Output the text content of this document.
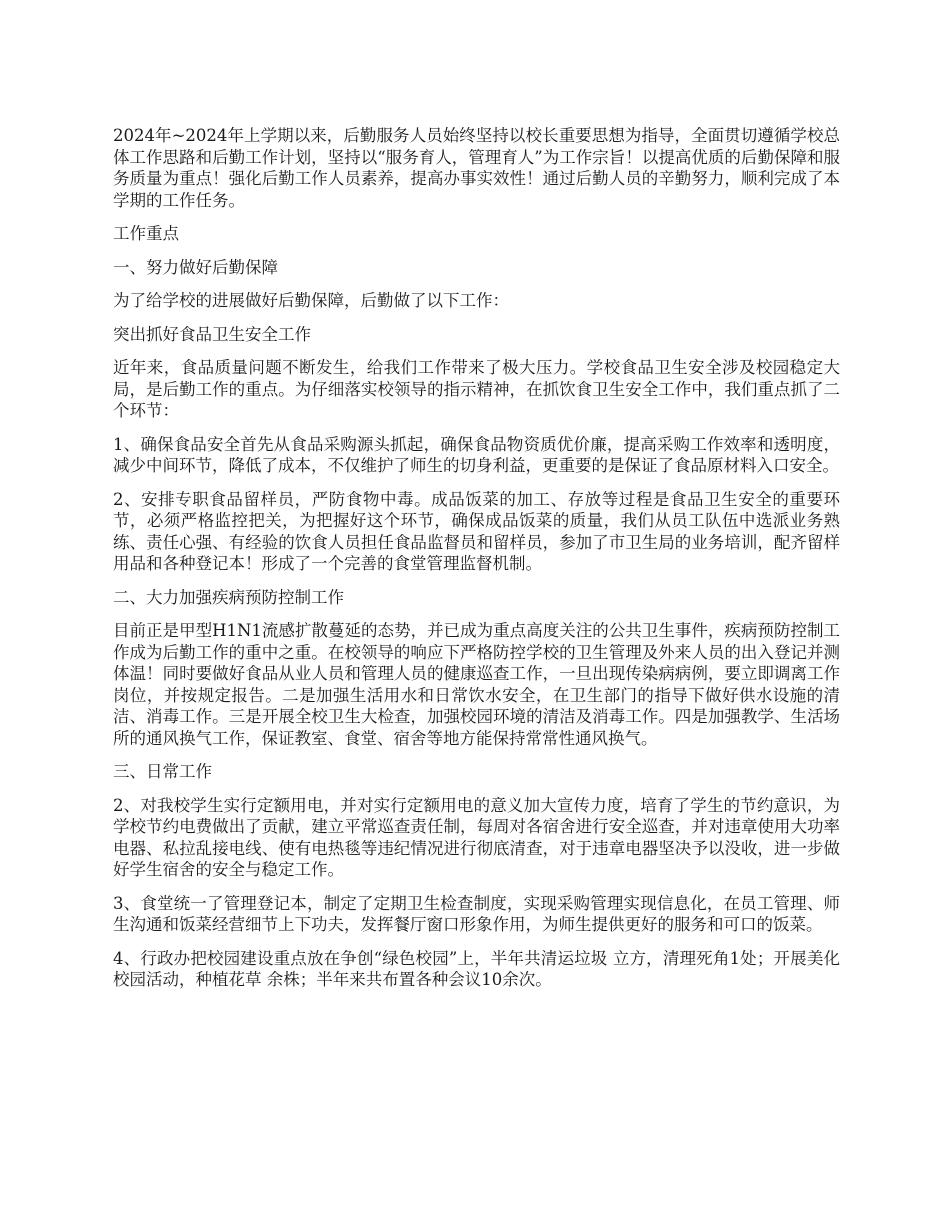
2024年~2024年上学期以来，后勤服务人员始终坚持以校长重要思想为指导，全面贯切遵循学校总体工作思路和后勤工作计划，坚持以“服务育人，管理育人”为工作宗旨！以提高优质的后勤保障和服务质量为重点！强化后勤工作人员素养，提高办事实效性！通过后勤人员的辛勤努力，顺利完成了本学期的工作任务。

工作重点

一、努力做好后勤保障

为了给学校的进展做好后勤保障，后勤做了以下工作：

突出抓好食品卫生安全工作

近年来，食品质量问题不断发生，给我们工作带来了极大压力。学校食品卫生安全涉及校园稳定大局，是后勤工作的重点。为仔细落实校领导的指示精神，在抓饮食卫生安全工作中，我们重点抓了二个环节：

1、确保食品安全首先从食品采购源头抓起，确保食品物资质优价廉，提高采购工作效率和透明度，减少中间环节，降低了成本，不仅维护了师生的切身利益，更重要的是保证了食品原材料入口安全。

2、安排专职食品留样员，严防食物中毒。成品饭菜的加工、存放等过程是食品卫生安全的重要环节，必须严格监控把关，为把握好这个环节，确保成品饭菜的质量，我们从员工队伍中选派业务熟练、责任心强、有经验的饮食人员担任食品监督员和留样员，参加了市卫生局的业务培训，配齐留样用品和各种登记本！形成了一个完善的食堂管理监督机制。

二、大力加强疾病预防控制工作

目前正是甲型H1N1流感扩散蔓延的态势，并已成为重点高度关注的公共卫生事件，疾病预防控制工作成为后勤工作的重中之重。在校领导的响应下严格防控学校的卫生管理及外来人员的出入登记并测体温！同时要做好食品从业人员和管理人员的健康巡查工作，一旦出现传染病病例，要立即调离工作岗位，并按规定报告。二是加强生活用水和日常饮水安全，在卫生部门的指导下做好供水设施的清洁、消毒工作。三是开展全校卫生大检查，加强校园环境的清洁及消毒工作。四是加强教学、生活场所的通风换气工作，保证教室、食堂、宿舍等地方能保持常常性通风换气。

三、日常工作

2、对我校学生实行定额用电，并对实行定额用电的意义加大宣传力度，培育了学生的节约意识，为学校节约电费做出了贡献，建立平常巡查责任制，每周对各宿舍进行安全巡查，并对违章使用大功率电器、私拉乱接电线、使有电热毯等违纪情况进行彻底清查，对于违章电器坚决予以没收，进一步做好学生宿舍的安全与稳定工作。

3、食堂统一了管理登记本，制定了定期卫生检查制度，实现采购管理实现信息化，在员工管理、师生沟通和饭菜经营细节上下功夫，发挥餐厅窗口形象作用，为师生提供更好的服务和可口的饭菜。

4、行政办把校园建设重点放在争创“绿色校园”上，半年共清运垃圾 立方，清理死角1处；开展美化校园活动，种植花草 余株；半年来共布置各种会议10余次。
